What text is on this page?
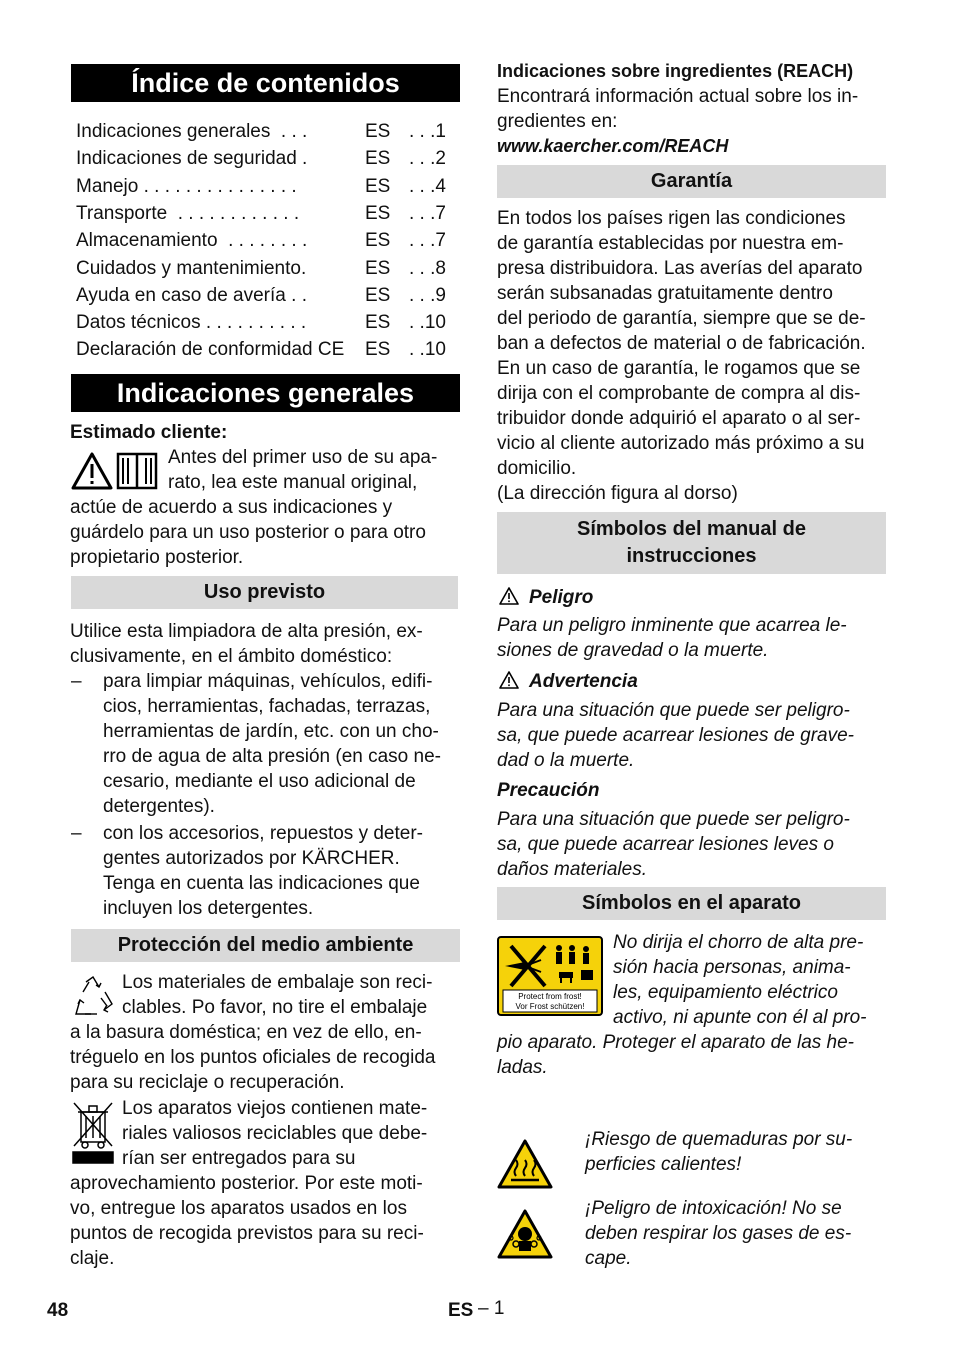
Índice de contenidos
Indicaciones generales  . . .	ES . . .1
Indicaciones de seguridad .	ES . . .2
Manejo . . . . . . . . . . . . . . .	ES . . .4
Transporte  . . . . . . . . . . . .	ES . . .7
Almacenamiento  . . . . . . . .	ES . . .7
Cuidados y mantenimiento.	ES . . .8
Ayuda en caso de avería . .	ES . . .9
Datos técnicos . . . . . . . . . .	ES . .10
Declaración de conformidad CE ES . .10
Indicaciones generales
Estimado cliente:
Antes del primer uso de su apa-
rato, lea este manual original,
actúe de acuerdo a sus indicaciones y
guárdelo para un uso posterior o para otro
propietario posterior.
Uso previsto
Utilice esta limpiadora de alta presión, ex-
clusivamente, en el ámbito doméstico:
– para limpiar máquinas, vehículos, edifi-
cios, herramientas, fachadas, terrazas,
herramientas de jardín, etc. con un cho-
rro de agua de alta presión (en caso ne-
cesario, mediante el uso adicional de
detergentes).
– con los accesorios, repuestos y deter-
gentes autorizados por KÄRCHER.
Tenga en cuenta las indicaciones que
incluyen los detergentes.
Protección del medio ambiente
Los materiales de embalaje son reci-
clables. Po favor, no tire el embalaje
a la basura doméstica; en vez de ello, en-
tréguelo en los puntos oficiales de recogida
para su reciclaje o recuperación.
Los aparatos viejos contienen mate-
riales valiosos reciclables que debe-
rían ser entregados para su
aprovechamiento posterior. Por este moti-
vo, entregue los aparatos usados en los
puntos de recogida previstos para su reci-
claje.
Indicaciones sobre ingredientes (REACH)
Encontrará información actual sobre los in-
gredientes en:
www.kaercher.com/REACH
Garantía
En todos los países rigen las condiciones
de garantía establecidas por nuestra em-
presa distribuidora. Las averías del aparato
serán subsanadas gratuitamente dentro
del periodo de garantía, siempre que se de-
ban a defectos de material o de fabricación.
En un caso de garantía, le rogamos que se
dirija con el comprobante de compra al dis-
tribuidor donde adquirió el aparato o al ser-
vicio al cliente autorizado más próximo a su
domicilio.
(La dirección figura al dorso)
Símbolos del manual de
instrucciones
Peligro
Para un peligro inminente que acarrea le-
siones de gravedad o la muerte.
Advertencia
Para una situación que puede ser peligro-
sa, que puede acarrear lesiones de grave-
dad o la muerte.
Precaución
Para una situación que puede ser peligro-
sa, que puede acarrear lesiones leves o
daños materiales.
Símbolos en el aparato
Protect from frost!
Vor Frost schützen!
No dirija el chorro de alta pre-
sión hacia personas, anima-
les, equipamiento eléctrico
activo, ni apunte con él al pro-
pio aparato. Proteger el aparato de las he-
ladas.
¡Riesgo de quemaduras por su-
perficies calientes!
¡Peligro de intoxicación! No se
deben respirar los gases de es-
cape.
48	ES – 1
